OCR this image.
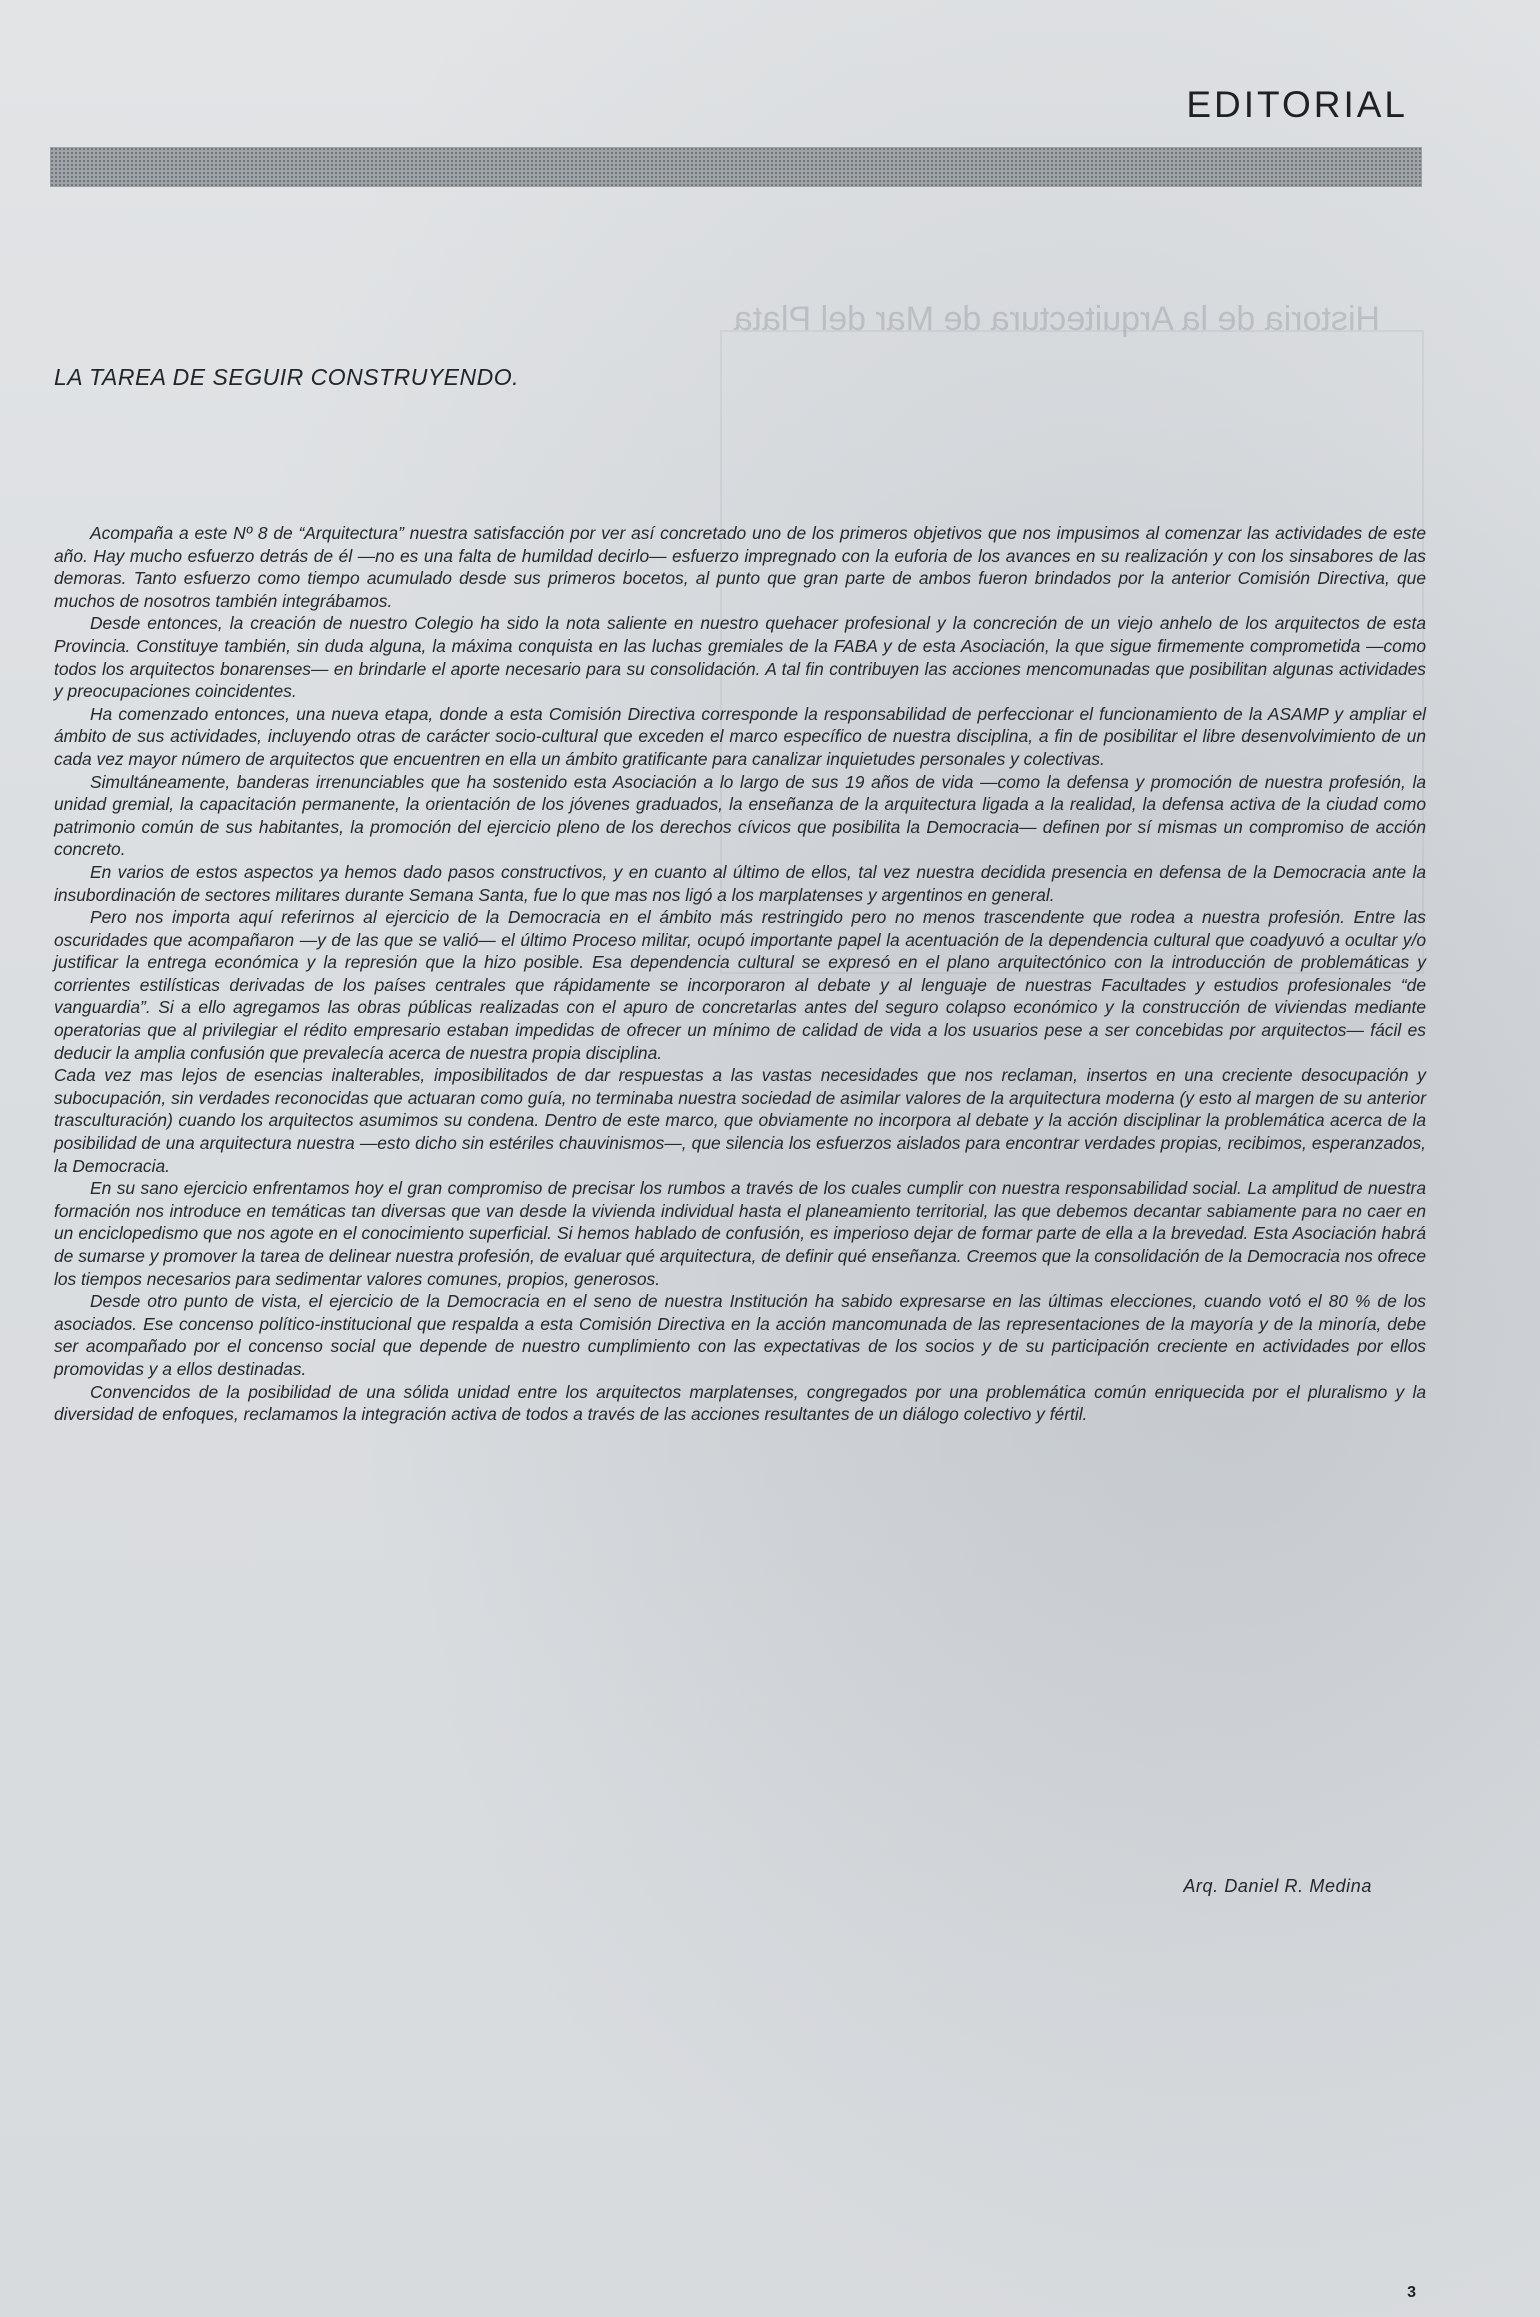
Historia de la Arquitectura de Mar del Plata
EDITORIAL
LA TAREA DE SEGUIR CONSTRUYENDO.

Acompaña a este Nº 8 de “Arquitectura” nuestra satisfacción por ver así concretado uno de los primeros objetivos que nos impusimos al comenzar las actividades de este año. Hay mucho esfuerzo detrás de él —no es una falta de humildad decirlo— esfuerzo impregnado con la euforia de los avances en su realización y con los sinsabores de las demoras. Tanto esfuerzo como tiempo acumulado desde sus primeros bocetos, al punto que gran parte de ambos fueron brindados por la anterior Comisión Directiva, que muchos de nosotros también integrábamos.

Desde entonces, la creación de nuestro Colegio ha sido la nota saliente en nuestro quehacer profesional y la concreción de un viejo anhelo de los arquitectos de esta Provincia. Constituye también, sin duda alguna, la máxima conquista en las luchas gremiales de la FABA y de esta Asociación, la que sigue firmemente comprometida —como todos los arquitectos bonarenses— en brindarle el aporte necesario para su consolidación. A tal fin contribuyen las acciones mencomunadas que posibilitan algunas actividades y preocupaciones coincidentes.

Ha comenzado entonces, una nueva etapa, donde a esta Comisión Directiva corresponde la responsabilidad de perfeccionar el funcionamiento de la ASAMP y ampliar el ámbito de sus actividades, incluyendo otras de carácter socio-cultural que exceden el marco específico de nuestra disciplina, a fin de posibilitar el libre desenvolvimiento de un cada vez mayor número de arquitectos que encuentren en ella un ámbito gratificante para canalizar inquietudes personales y colectivas.

Simultáneamente, banderas irrenunciables que ha sostenido esta Asociación a lo largo de sus 19 años de vida —como la defensa y promoción de nuestra profesión, la unidad gremial, la capacitación permanente, la orientación de los jóvenes graduados, la enseñanza de la arquitectura ligada a la realidad, la defensa activa de la ciudad como patrimonio común de sus habitantes, la promoción del ejercicio pleno de los derechos cívicos que posibilita la Democracia— definen por sí mismas un compromiso de acción concreto.

En varios de estos aspectos ya hemos dado pasos constructivos, y en cuanto al último de ellos, tal vez nuestra decidida presencia en defensa de la Democracia ante la insubordinación de sectores militares durante Semana Santa, fue lo que mas nos ligó a los marplatenses y argentinos en general.

Pero nos importa aquí referirnos al ejercicio de la Democracia en el ámbito más restringido pero no menos trascendente que rodea a nuestra profesión. Entre las oscuridades que acompañaron —y de las que se valió— el último Proceso militar, ocupó importante papel la acentuación de la dependencia cultural que coadyuvó a ocultar y/o justificar la entrega económica y la represión que la hizo posible. Esa dependencia cultural se expresó en el plano arquitectónico con la introducción de problemáticas y corrientes estilísticas derivadas de los países centrales que rápidamente se incorporaron al debate y al lenguaje de nuestras Facultades y estudios profesionales “de vanguardia”. Si a ello agregamos las obras públicas realizadas con el apuro de concretarlas antes del seguro colapso económico y la construcción de viviendas mediante operatorias que al privilegiar el rédito empresario estaban impedidas de ofrecer un mínimo de calidad de vida a los usuarios pese a ser concebidas por arquitectos— fácil es deducir la amplia confusión que prevalecía acerca de nuestra propia disciplina.

Cada vez mas lejos de esencias inalterables, imposibilitados de dar respuestas a las vastas necesidades que nos reclaman, insertos en una creciente desocupación y subocupación, sin verdades reconocidas que actuaran como guía, no terminaba nuestra sociedad de asimilar valores de la arquitectura moderna (y esto al margen de su anterior trasculturación) cuando los arquitectos asumimos su condena. Dentro de este marco, que obviamente no incorpora al debate y la acción disciplinar la problemática acerca de la posibilidad de una arquitectura nuestra —esto dicho sin estériles chauvinismos—, que silencia los esfuerzos aislados para encontrar verdades propias, recibimos, esperanzados, la Democracia.

En su sano ejercicio enfrentamos hoy el gran compromiso de precisar los rumbos a través de los cuales cumplir con nuestra responsabilidad social. La amplitud de nuestra formación nos introduce en temáticas tan diversas que van desde la vivienda individual hasta el planeamiento territorial, las que debemos decantar sabiamente para no caer en un enciclopedismo que nos agote en el conocimiento superficial. Si hemos hablado de confusión, es imperioso dejar de formar parte de ella a la brevedad. Esta Asociación habrá de sumarse y promover la tarea de delinear nuestra profesión, de evaluar qué arquitectura, de definir qué enseñanza. Creemos que la consolidación de la Democracia nos ofrece los tiempos necesarios para sedimentar valores comunes, propios, generosos.

Desde otro punto de vista, el ejercicio de la Democracia en el seno de nuestra Institución ha sabido expresarse en las últimas elecciones, cuando votó el 80 % de los asociados. Ese concenso político-institucional que respalda a esta Comisión Directiva en la acción mancomunada de las representaciones de la mayoría y de la minoría, debe ser acompañado por el concenso social que depende de nuestro cumplimiento con las expectativas de los socios y de su participación creciente en actividades por ellos promovidas y a ellos destinadas.

Convencidos de la posibilidad de una sólida unidad entre los arquitectos marplatenses, congregados por una problemática común enriquecida por el pluralismo y la diversidad de enfoques, reclamamos la integración activa de todos a través de las acciones resultantes de un diálogo colectivo y fértil.

Arq. Daniel R. Medina

3
